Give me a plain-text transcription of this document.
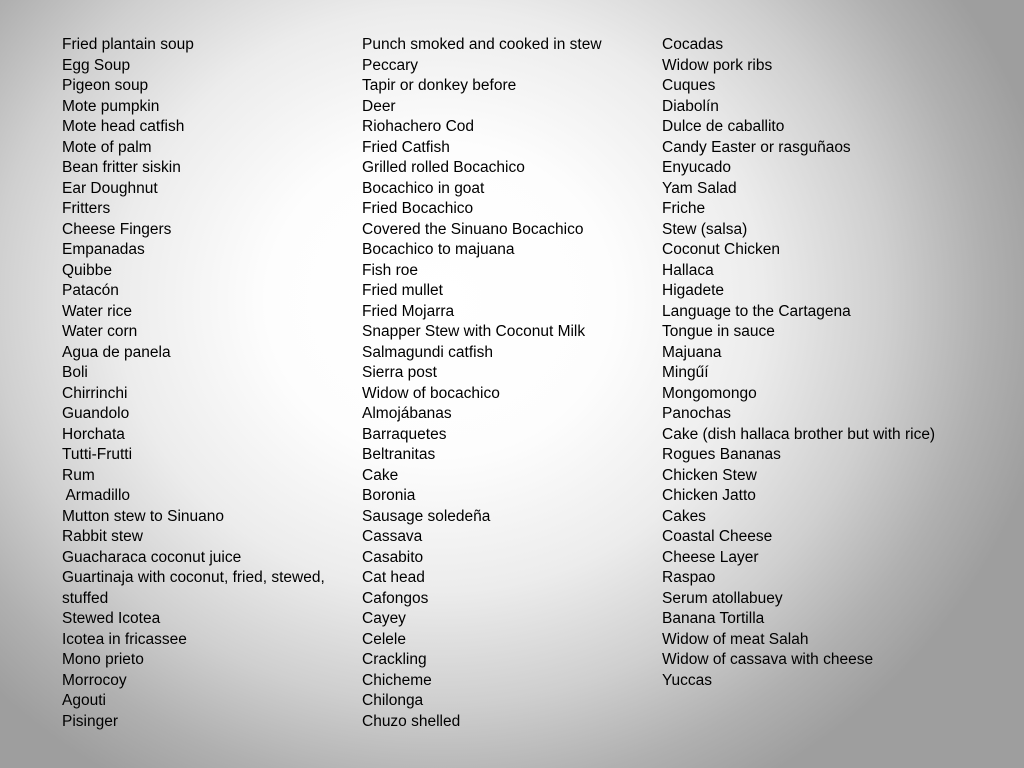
Fried plantain soup
Egg Soup
Pigeon soup
Mote pumpkin
Mote head catfish
Mote of palm
Bean fritter siskin
Ear Doughnut
Fritters
Cheese Fingers
Empanadas
Quibbe
Patacón
Water rice
Water corn
Agua de panela
Boli
Chirrinchi
Guandolo
Horchata
Tutti-Frutti
Rum
Armadillo
Mutton stew to Sinuano
Rabbit stew
Guacharaca coconut juice
Guartinaja with coconut, fried, stewed,
stuffed
Stewed Icotea
Icotea in fricassee
Mono prieto
Morrocoy
Agouti
Pisinger
Punch smoked and cooked in stew
Peccary
Tapir or donkey before
Deer
Riohachero Cod
Fried Catfish
Grilled rolled Bocachico
Bocachico in goat
Fried Bocachico
Covered the Sinuano Bocachico
Bocachico to majuana
Fish roe
Fried mullet
Fried Mojarra
Snapper Stew with Coconut Milk
Salmagundi catfish
Sierra post
Widow of bocachico
Almojábanas
Barraquetes
Beltranitas
Cake
Boronia
Sausage soledeña
Cassava
Casabito
Cat head
Cafongos
Cayey
Celele
Crackling
Chicheme
Chilonga
Chuzo shelled
Cocadas
Widow pork ribs
Cuques
Diabolín
Dulce de caballito
Candy Easter or rasguñaos
Enyucado
Yam Salad
Friche
Stew (salsa)
Coconut Chicken
Hallaca
Higadete
Language to the Cartagena
Tongue in sauce
Majuana
Mingűí
Mongomongo
Panochas
Cake (dish hallaca brother but with rice)
Rogues Bananas
Chicken Stew
Chicken Jatto
Cakes
Coastal Cheese
Cheese Layer
Raspao
Serum atollabuey
Banana Tortilla
Widow of meat Salah
Widow of cassava with cheese
Yuccas
